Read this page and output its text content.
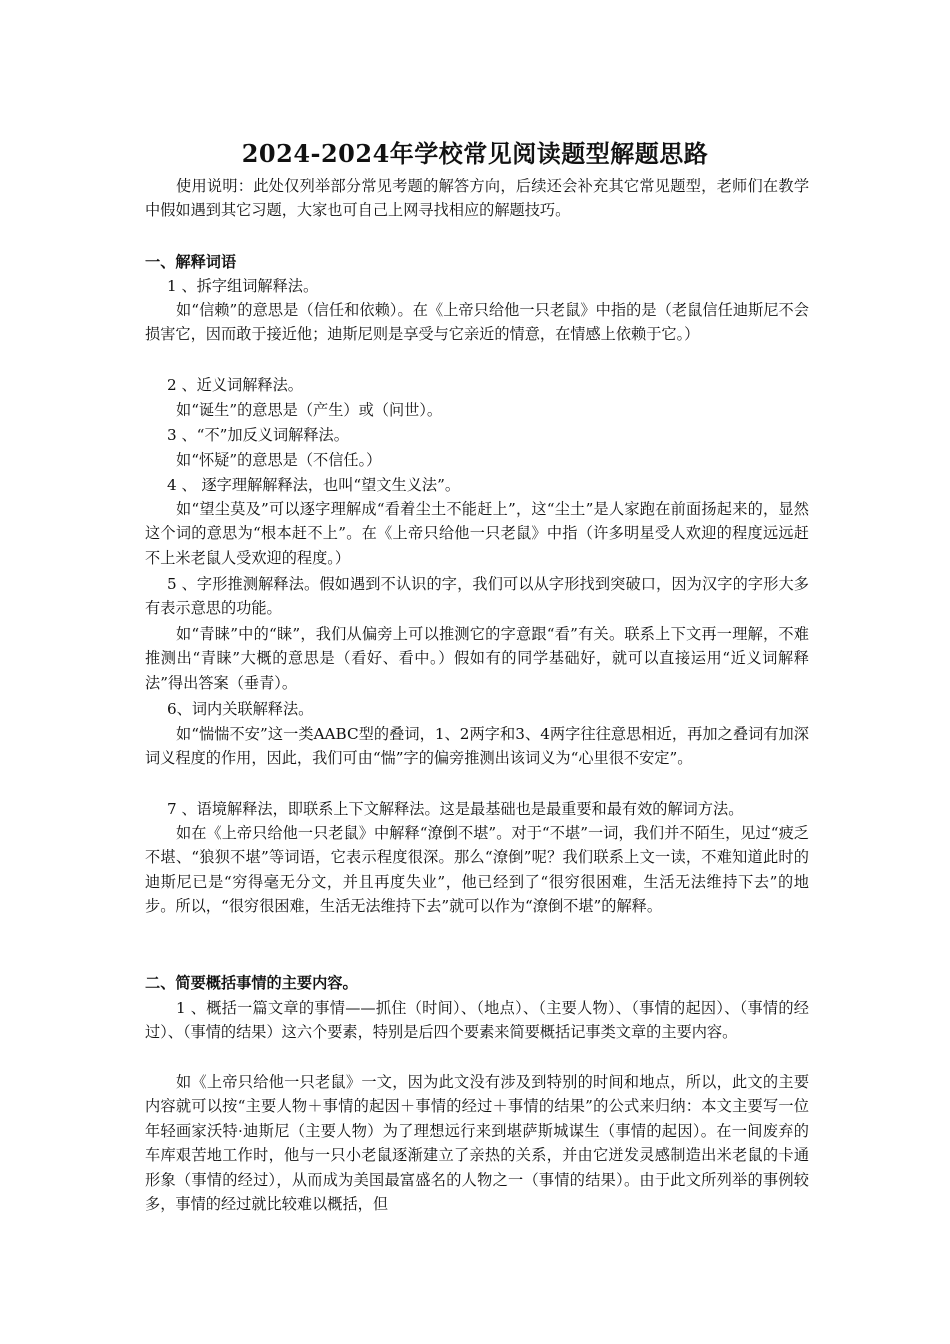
2024-2024年学校常见阅读题型解题思路

使用说明：此处仅列举部分常见考题的解答方向，后续还会补充其它常见题型，老师们在教学中假如遇到其它习题，大家也可自己上网寻找相应的解题技巧。

一、解释词语

1 、拆字组词解释法。

如“信赖”的意思是（信任和依赖）。在《上帝只给他一只老鼠》中指的是（老鼠信任迪斯尼不会损害它，因而敢于接近他；迪斯尼则是享受与它亲近的情意，在情感上依赖于它。）

2 、近义词解释法。

如“诞生”的意思是（产生）或（问世）。

3 、“不”加反义词解释法。

如“怀疑”的意思是（不信任。）

4 、 逐字理解解释法，也叫“望文生义法”。

如“望尘莫及”可以逐字理解成“看着尘土不能赶上”，这“尘土”是人家跑在前面扬起来的，显然这个词的意思为“根本赶不上”。在《上帝只给他一只老鼠》中指（许多明星受人欢迎的程度远远赶不上米老鼠人受欢迎的程度。）

5 、字形推测解释法。假如遇到不认识的字，我们可以从字形找到突破口，因为汉字的字形大多有表示意思的功能。

如“青睐”中的“睐”，我们从偏旁上可以推测它的字意跟“看”有关。联系上下文再一理解，不难推测出“青睐”大概的意思是（看好、看中。）假如有的同学基础好，就可以直接运用“近义词解释法”得出答案（垂青）。

6、词内关联解释法。

如“惴惴不安”这一类AABC型的叠词，1、2两字和3、4两字往往意思相近，再加之叠词有加深词义程度的作用，因此，我们可由“惴”字的偏旁推测出该词义为“心里很不安定”。

7 、语境解释法，即联系上下文解释法。这是最基础也是最重要和最有效的解词方法。

如在《上帝只给他一只老鼠》中解释“潦倒不堪”。对于“不堪”一词，我们并不陌生，见过“疲乏不堪、“狼狈不堪”等词语，它表示程度很深。那么“潦倒”呢？我们联系上文一读，不难知道此时的迪斯尼已是“穷得毫无分文，并且再度失业”，他已经到了“很穷很困难，生活无法维持下去”的地步。所以，“很穷很困难，生活无法维持下去”就可以作为“潦倒不堪”的解释。

二、简要概括事情的主要内容。

1 、概括一篇文章的事情——抓住（时间）、（地点）、（主要人物）、（事情的起因）、（事情的经过）、（事情的结果）这六个要素，特别是后四个要素来简要概括记事类文章的主要内容。

如《上帝只给他一只老鼠》一文，因为此文没有涉及到特别的时间和地点，所以，此文的主要内容就可以按“主要人物＋事情的起因＋事情的经过＋事情的结果”的公式来归纳：本文主要写一位年轻画家沃特·迪斯尼（主要人物）为了理想远行来到堪萨斯城谋生（事情的起因）。在一间废弃的车库艰苦地工作时，他与一只小老鼠逐渐建立了亲热的关系，并由它迸发灵感制造出米老鼠的卡通形象（事情的经过），从而成为美国最富盛名的人物之一（事情的结果）。由于此文所列举的事例较多，事情的经过就比较难以概括，但
